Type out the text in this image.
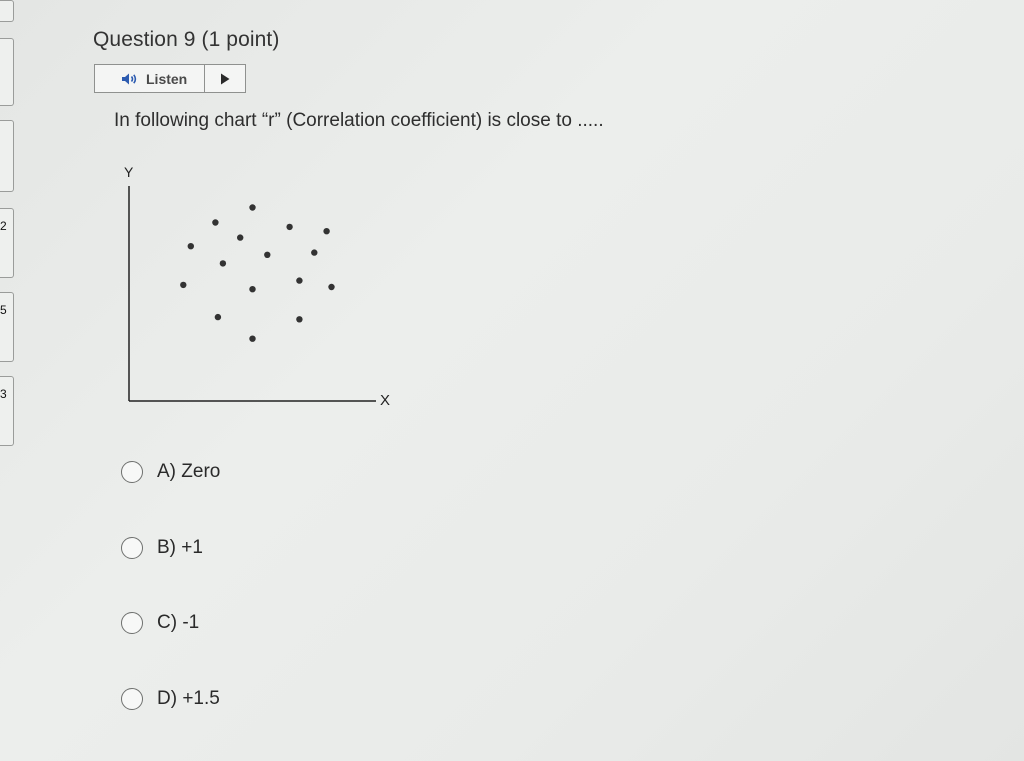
2
5
3
Question 9 (1 point)
Listen
In following chart “r” (Correlation coefficient) is close to .....
Y
X
A) Zero
B) +1
C) -1
D) +1.5
